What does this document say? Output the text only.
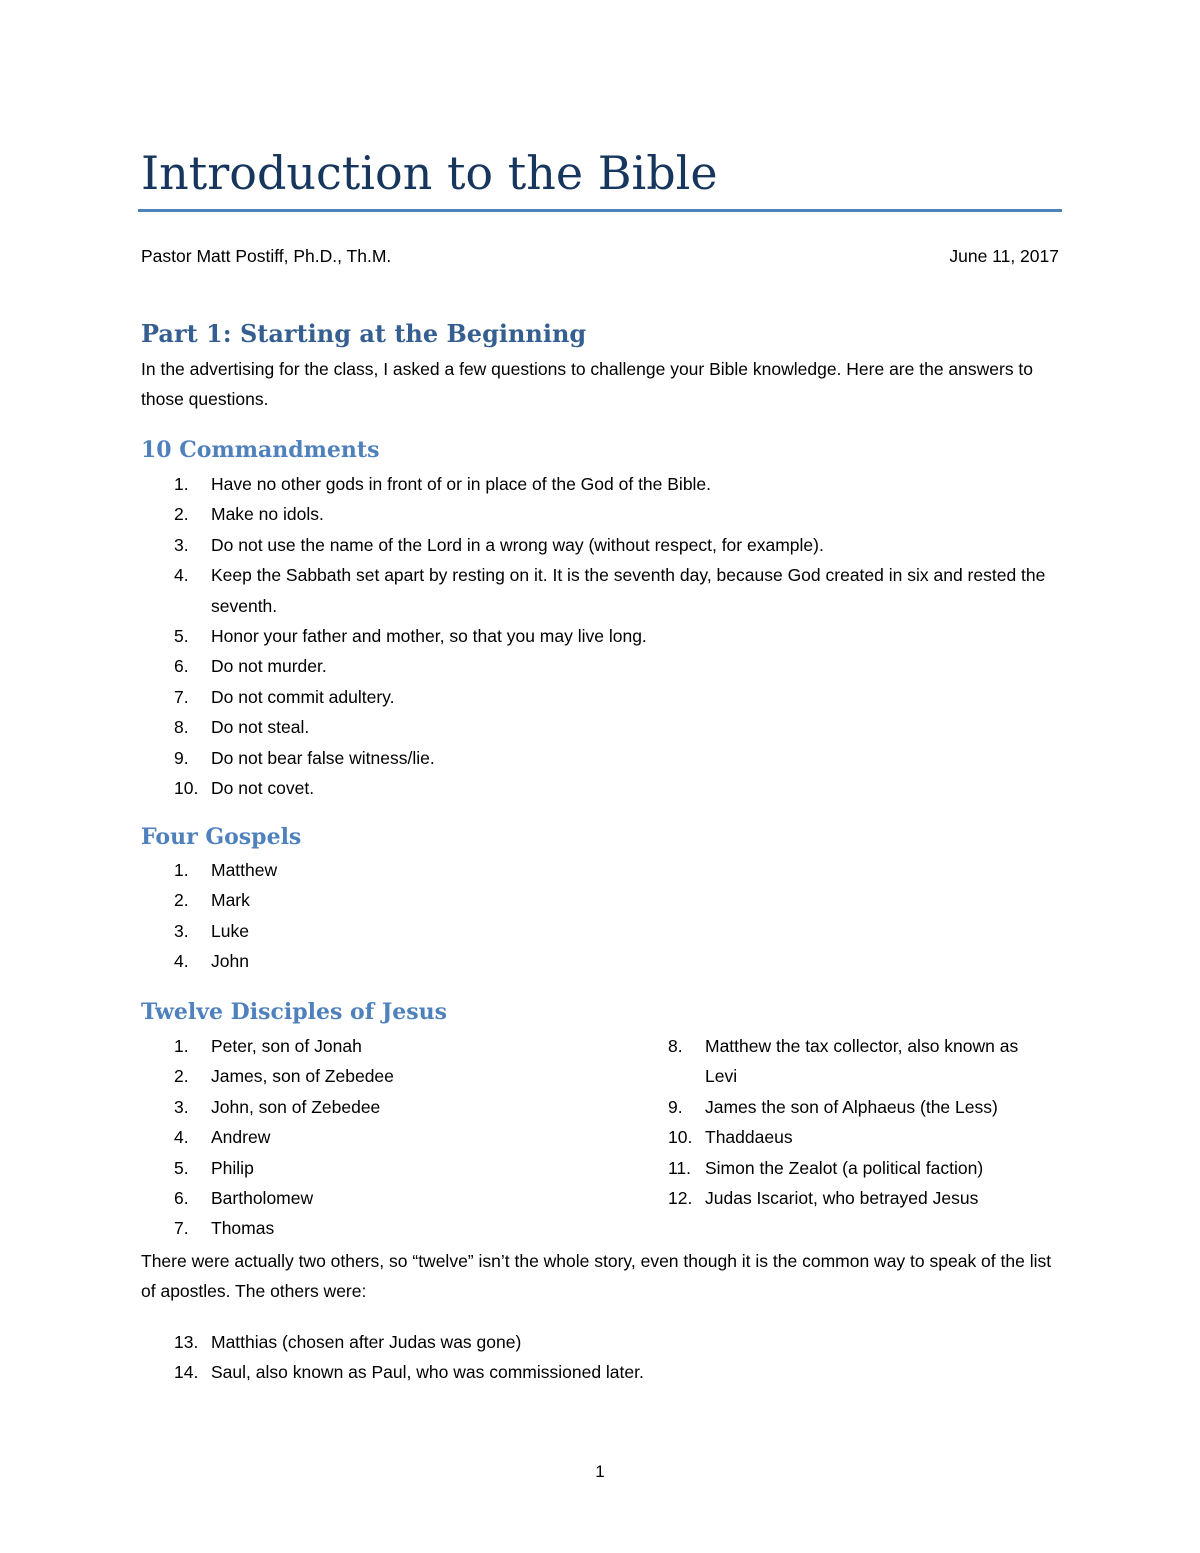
Introduction to the Bible
Pastor Matt Postiff, Ph.D., Th.M.	June 11, 2017
Part 1: Starting at the Beginning

In the advertising for the class, I asked a few questions to challenge your Bible knowledge. Here are the answers to those questions.

10 Commandments
1. Have no other gods in front of or in place of the God of the Bible.
2. Make no idols.
3. Do not use the name of the Lord in a wrong way (without respect, for example).
4. Keep the Sabbath set apart by resting on it. It is the seventh day, because God created in six and rested the seventh.
5. Honor your father and mother, so that you may live long.
6. Do not murder.
7. Do not commit adultery.
8. Do not steal.
9. Do not bear false witness/lie.
10. Do not covet.
Four Gospels
1. Matthew
2. Mark
3. Luke
4. John
Twelve Disciples of Jesus
1. Peter, son of Jonah
2. James, son of Zebedee
3. John, son of Zebedee
4. Andrew
5. Philip
6. Bartholomew
7. Thomas
8. Matthew the tax collector, also known as Levi
9. James the son of Alphaeus (the Less)
10. Thaddaeus
11. Simon the Zealot (a political faction)
12. Judas Iscariot, who betrayed Jesus

There were actually two others, so “twelve” isn’t the whole story, even though it is the common way to speak of the list of apostles. The others were:

13. Matthias (chosen after Judas was gone)
14. Saul, also known as Paul, who was commissioned later.
1
